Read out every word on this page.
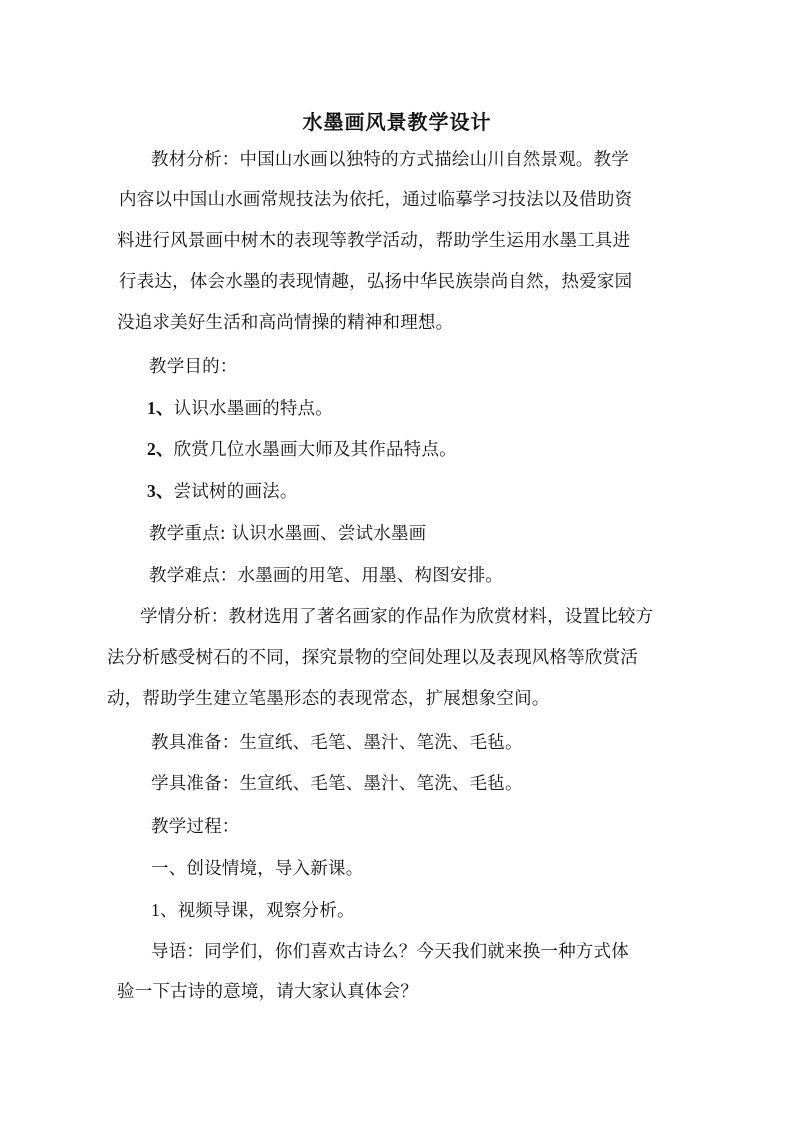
水墨画风景教学设计
教材分析：中国山水画以独特的方式描绘山川自然景观。教学
内容以中国山水画常规技法为依托，通过临摹学习技法以及借助资
料进行风景画中树木的表现等教学活动，帮助学生运用水墨工具进
行表达，体会水墨的表现情趣，弘扬中华民族崇尚自然，热爱家园
没追求美好生活和高尚情操的精神和理想。
教学目的：
1、认识水墨画的特点。
2、欣赏几位水墨画大师及其作品特点。
3、尝试树的画法。
教学重点: 认识水墨画、尝试水墨画
教学难点：水墨画的用笔、用墨、构图安排。
学情分析：教材选用了著名画家的作品作为欣赏材料，设置比较方
法分析感受树石的不同，探究景物的空间处理以及表现风格等欣赏活
动，帮助学生建立笔墨形态的表现常态，扩展想象空间。
教具准备：生宣纸、毛笔、墨汁、笔洗、毛毡。
学具准备：生宣纸、毛笔、墨汁、笔洗、毛毡。
教学过程：
一、创设情境，导入新课。
1、视频导课，观察分析。
导语：同学们，你们喜欢古诗么？今天我们就来换一种方式体
验一下古诗的意境，请大家认真体会？
